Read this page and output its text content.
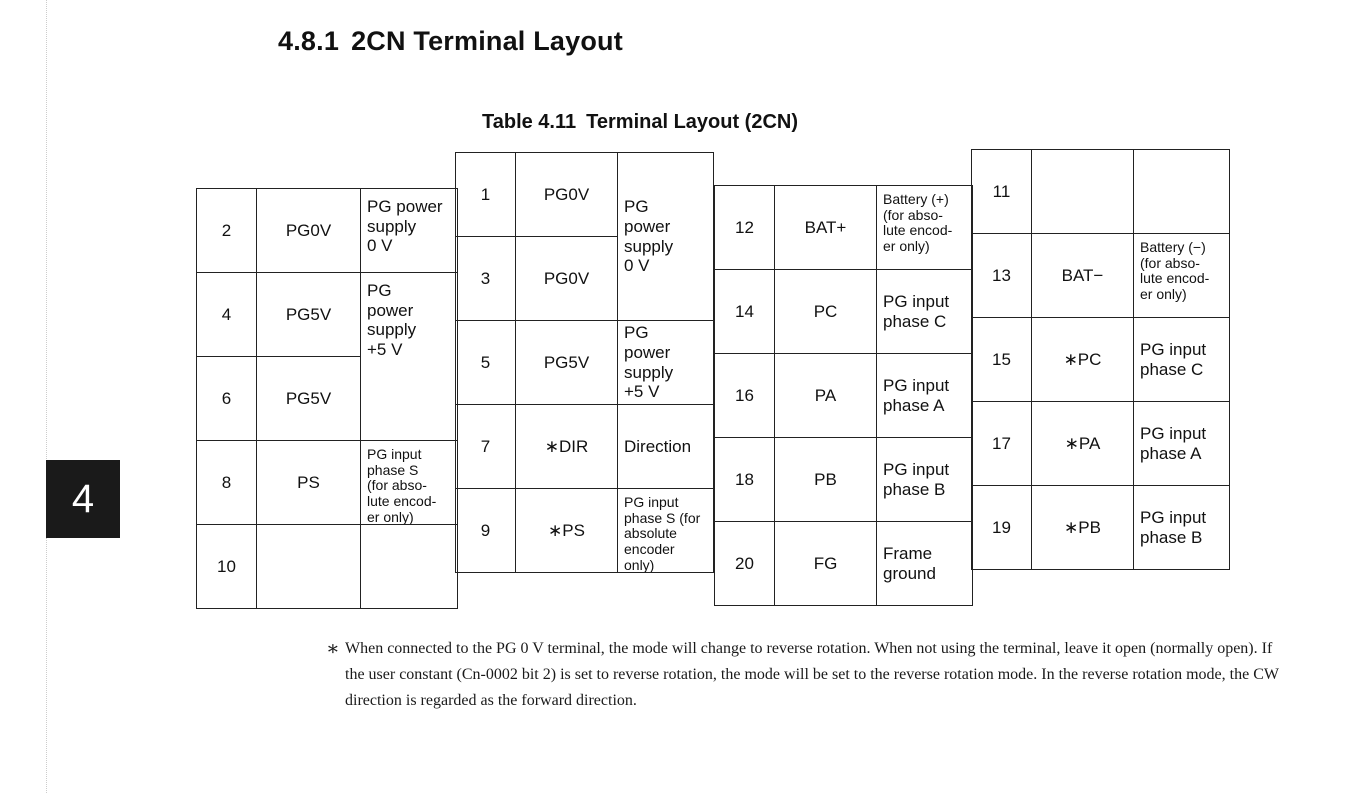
4.8.1 2CN Terminal Layout
Table 4.11 Terminal Layout (2CN)
4
2	PG0V
PG power
supply
0 V
4	PG5V
PG
power
supply
+5 V
6	PG5V
8	PS
PG input
phase S
(for abso-
lute encod-
er only)
10
1	PG0V
PG
power
supply
0 V
3	PG0V
5	PG5V
PG
power
supply
+5 V
7	∗DIR Direction
9	∗PS
PG input
phase S (for
absolute
encoder
only)
12	BAT+
Battery (+)
(for abso-
lute encod-
er only)
14	PC
PG input
phase C
16	PA
PG input
phase A
18	PB
PG input
phase B
20	FG
Frame
ground
11
13	BAT−
Battery (−)
(for abso-
lute encod-
er only)
15	∗PC
PG input
phase C
17	∗PA
PG input
phase A
19	∗PB
PG input
phase B
∗ When connected to the PG 0 V terminal, the mode will change to reverse rotation. When not using the terminal, leave it open (normally open). If the user constant (Cn-0002 bit 2) is set to reverse rotation, the mode will be set to the reverse rotation mode. In the reverse rotation mode, the CW direction is regarded as the forward direction.
